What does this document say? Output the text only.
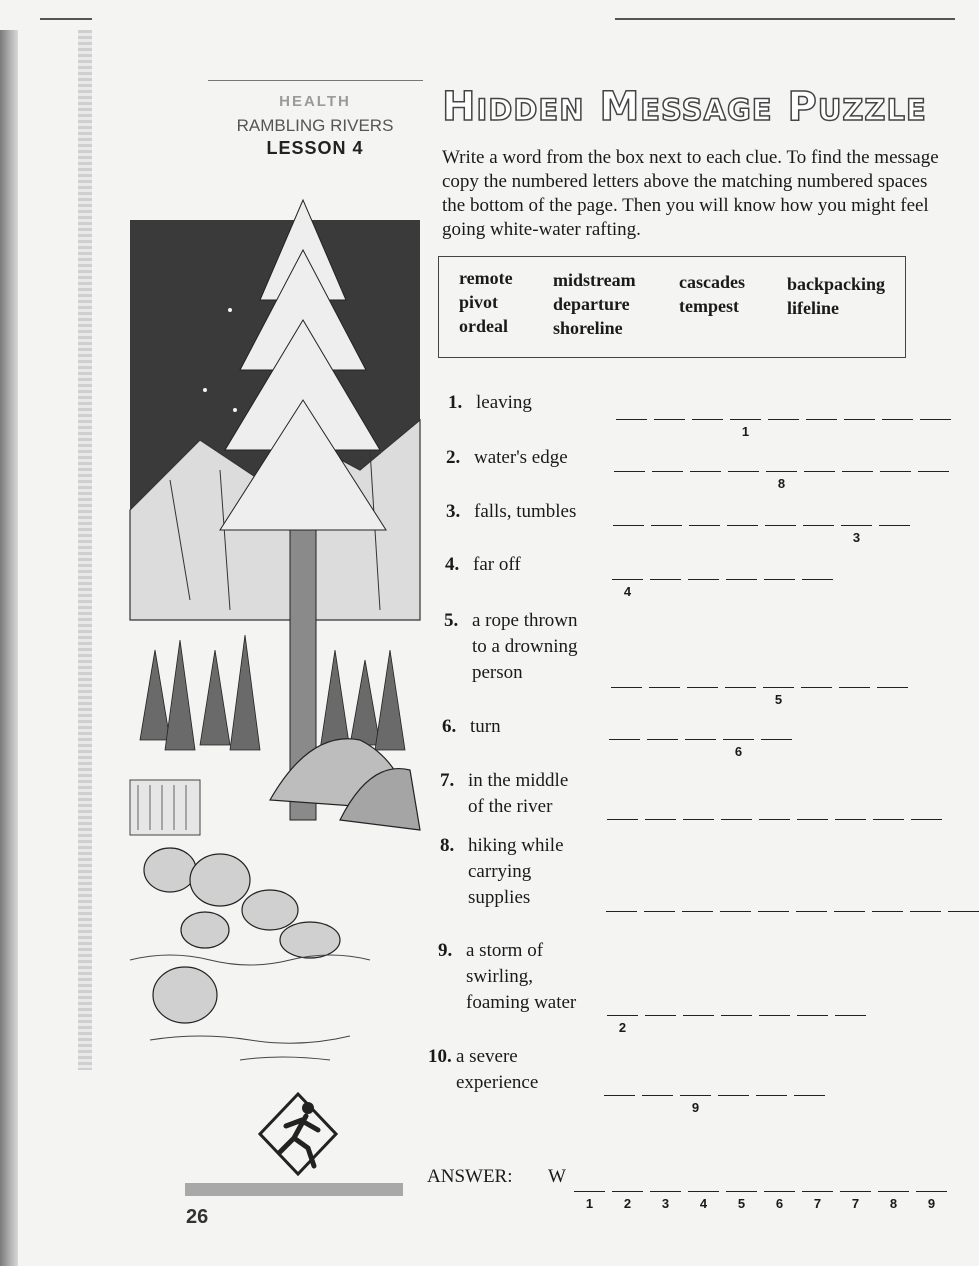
HEALTH
RAMBLING RIVERS
LESSON 4
26
HIDDEN MESSAGE PUZZLE
Write a word from the box next to each clue. To find the message
copy the numbered letters above the matching numbered spaces
the bottom of the page. Then you will know how you might feel
going white-water rafting.
remote
pivot
ordeal
midstream
departure
shoreline
cascades
tempest
backpacking
lifeline
1. leaving
1
2. water's edge
8
3. falls, tumbles
3
4. far off
4
5. a rope thrown
to a drowning
person
5
6. turn
6
7. in the middle
of the river
8. hiking while
carrying
supplies
9. a storm of
swirling,
foaming water
2
10. a severe
experience
9
ANSWER: W
1	2	3	4	5	6	7	7	8	9
